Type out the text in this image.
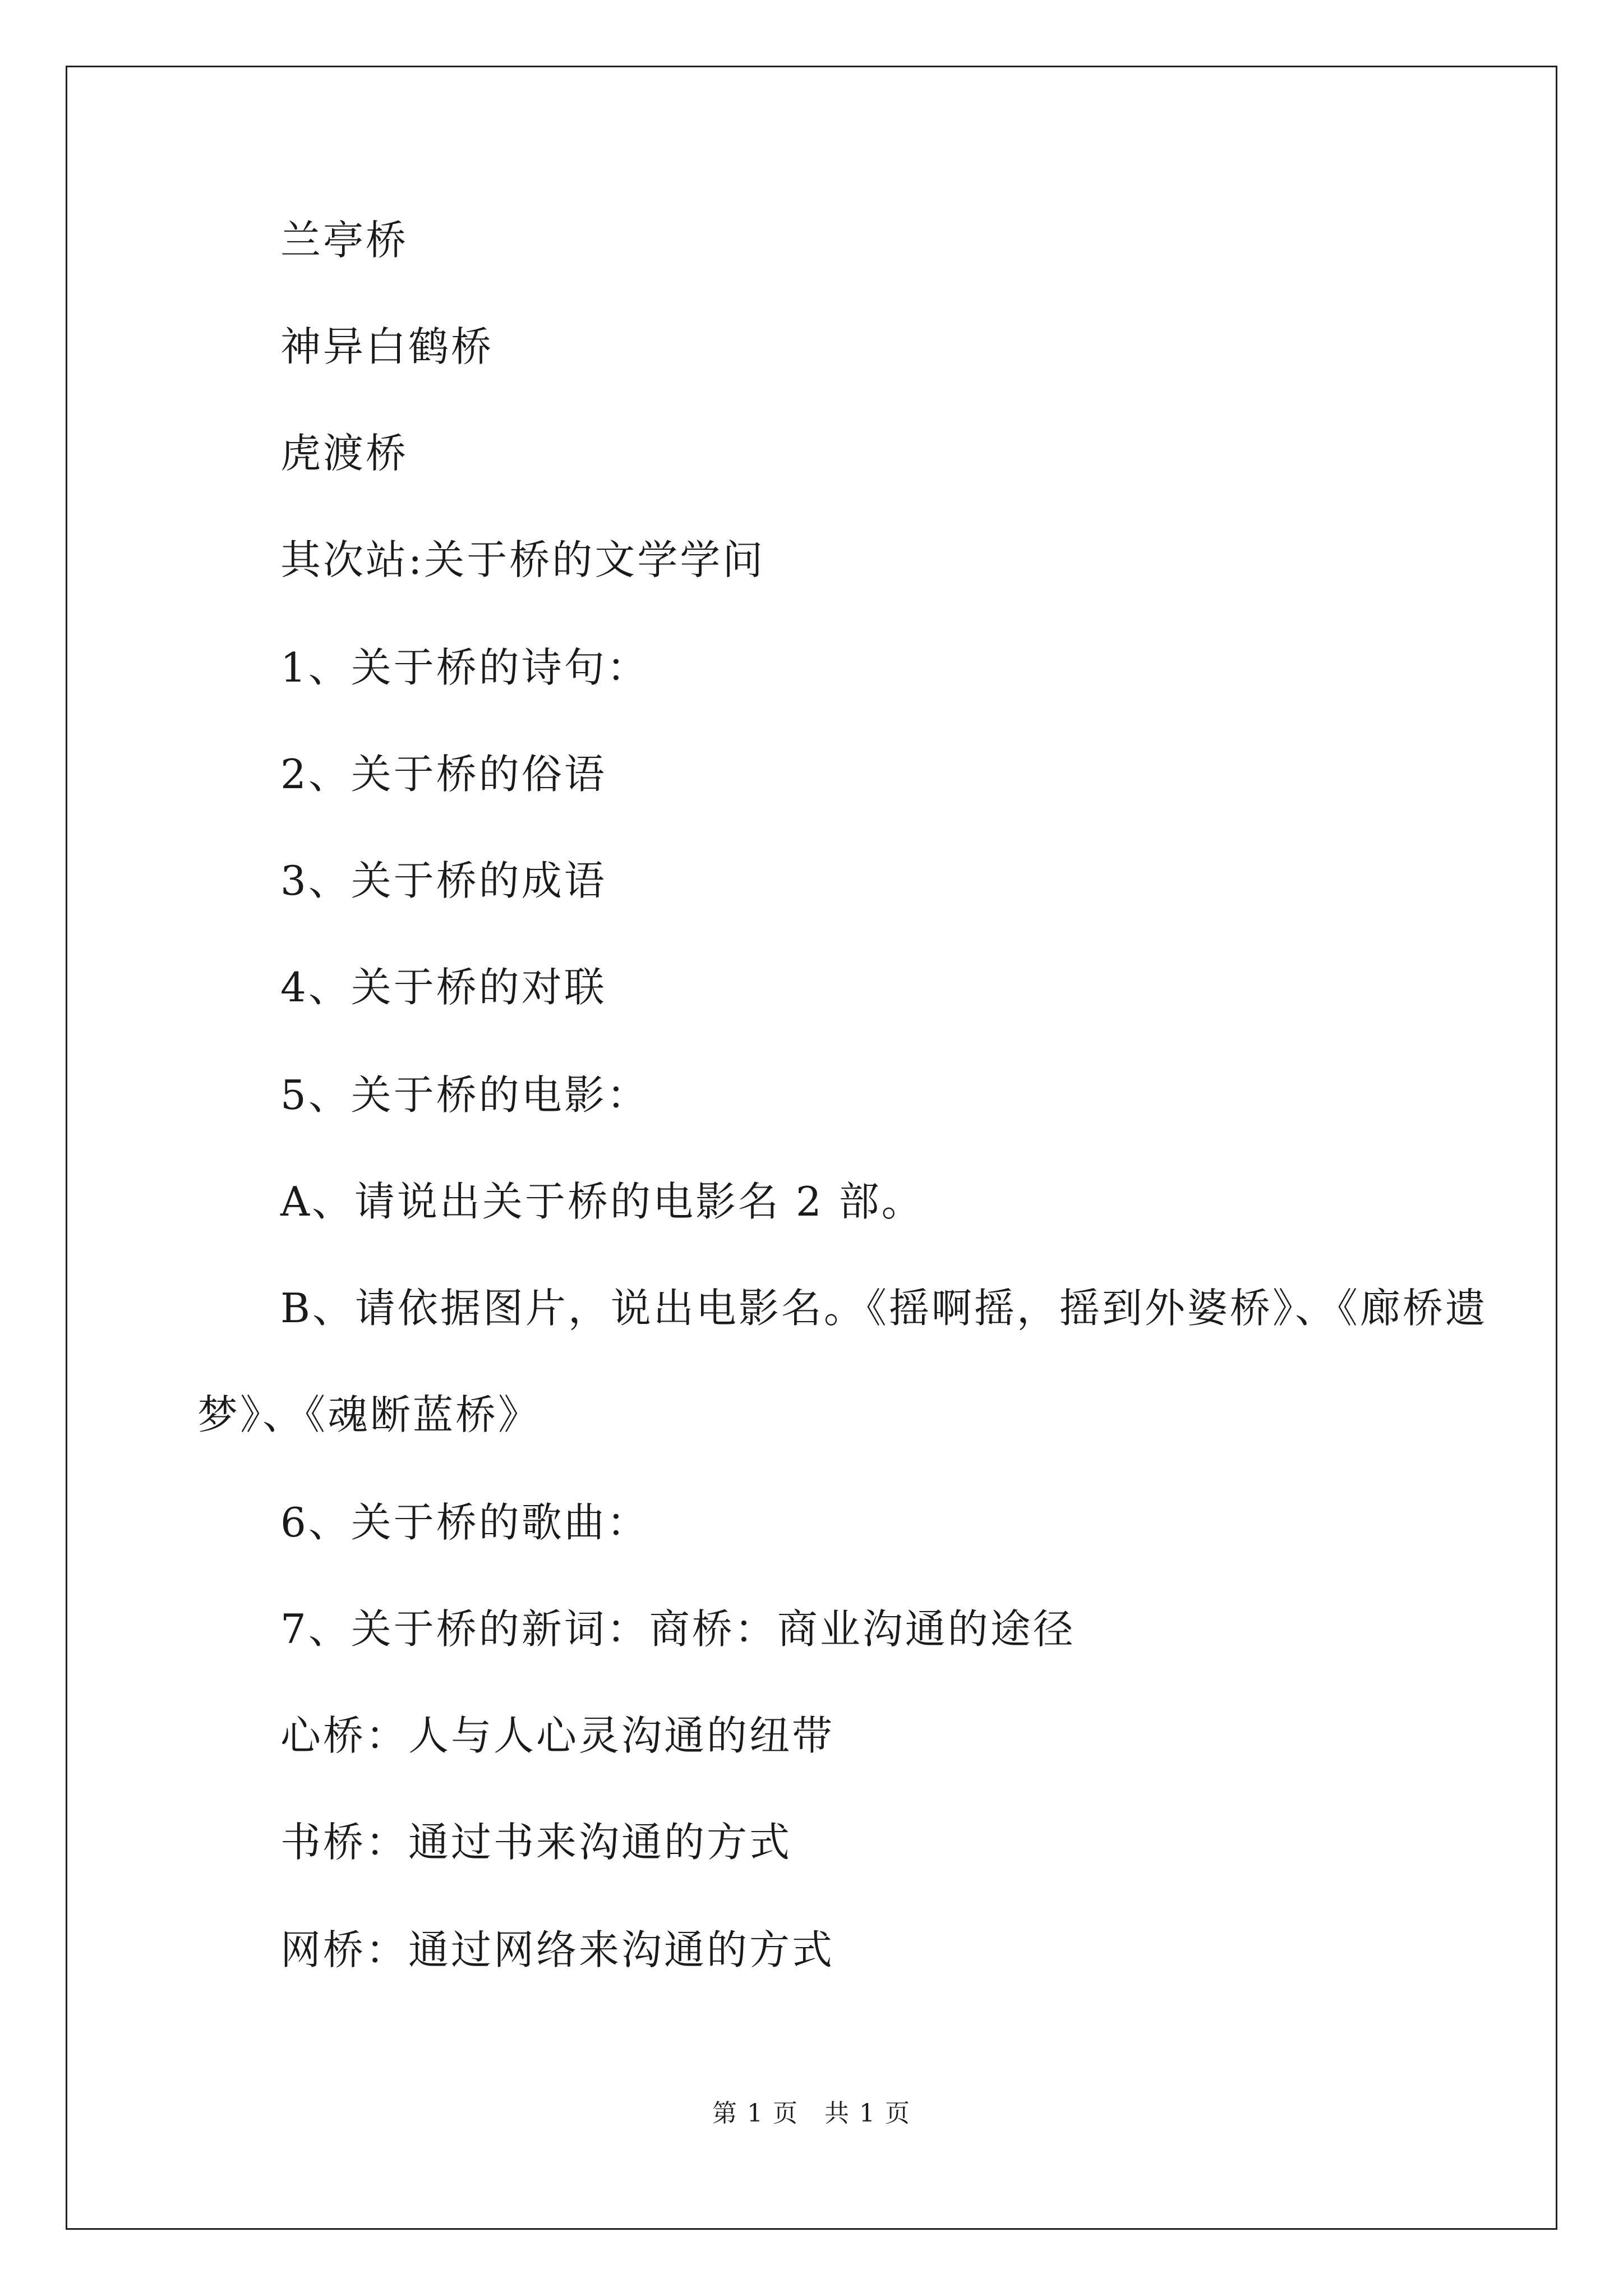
兰亭桥

神异白鹤桥

虎渡桥

其次站:关于桥的文学学问

1、关于桥的诗句：

2、关于桥的俗语

3、关于桥的成语

4、关于桥的对联

5、关于桥的电影：

A、请说出关于桥的电影名 2 部。

B、请依据图片，说出电影名。《摇啊摇，摇到外婆桥》、《廊桥遗

梦》、《魂断蓝桥》

6、关于桥的歌曲：

7、关于桥的新词：商桥：商业沟通的途径

心桥：人与人心灵沟通的纽带

书桥：通过书来沟通的方式

网桥：通过网络来沟通的方式

第 1 页 共 1 页
